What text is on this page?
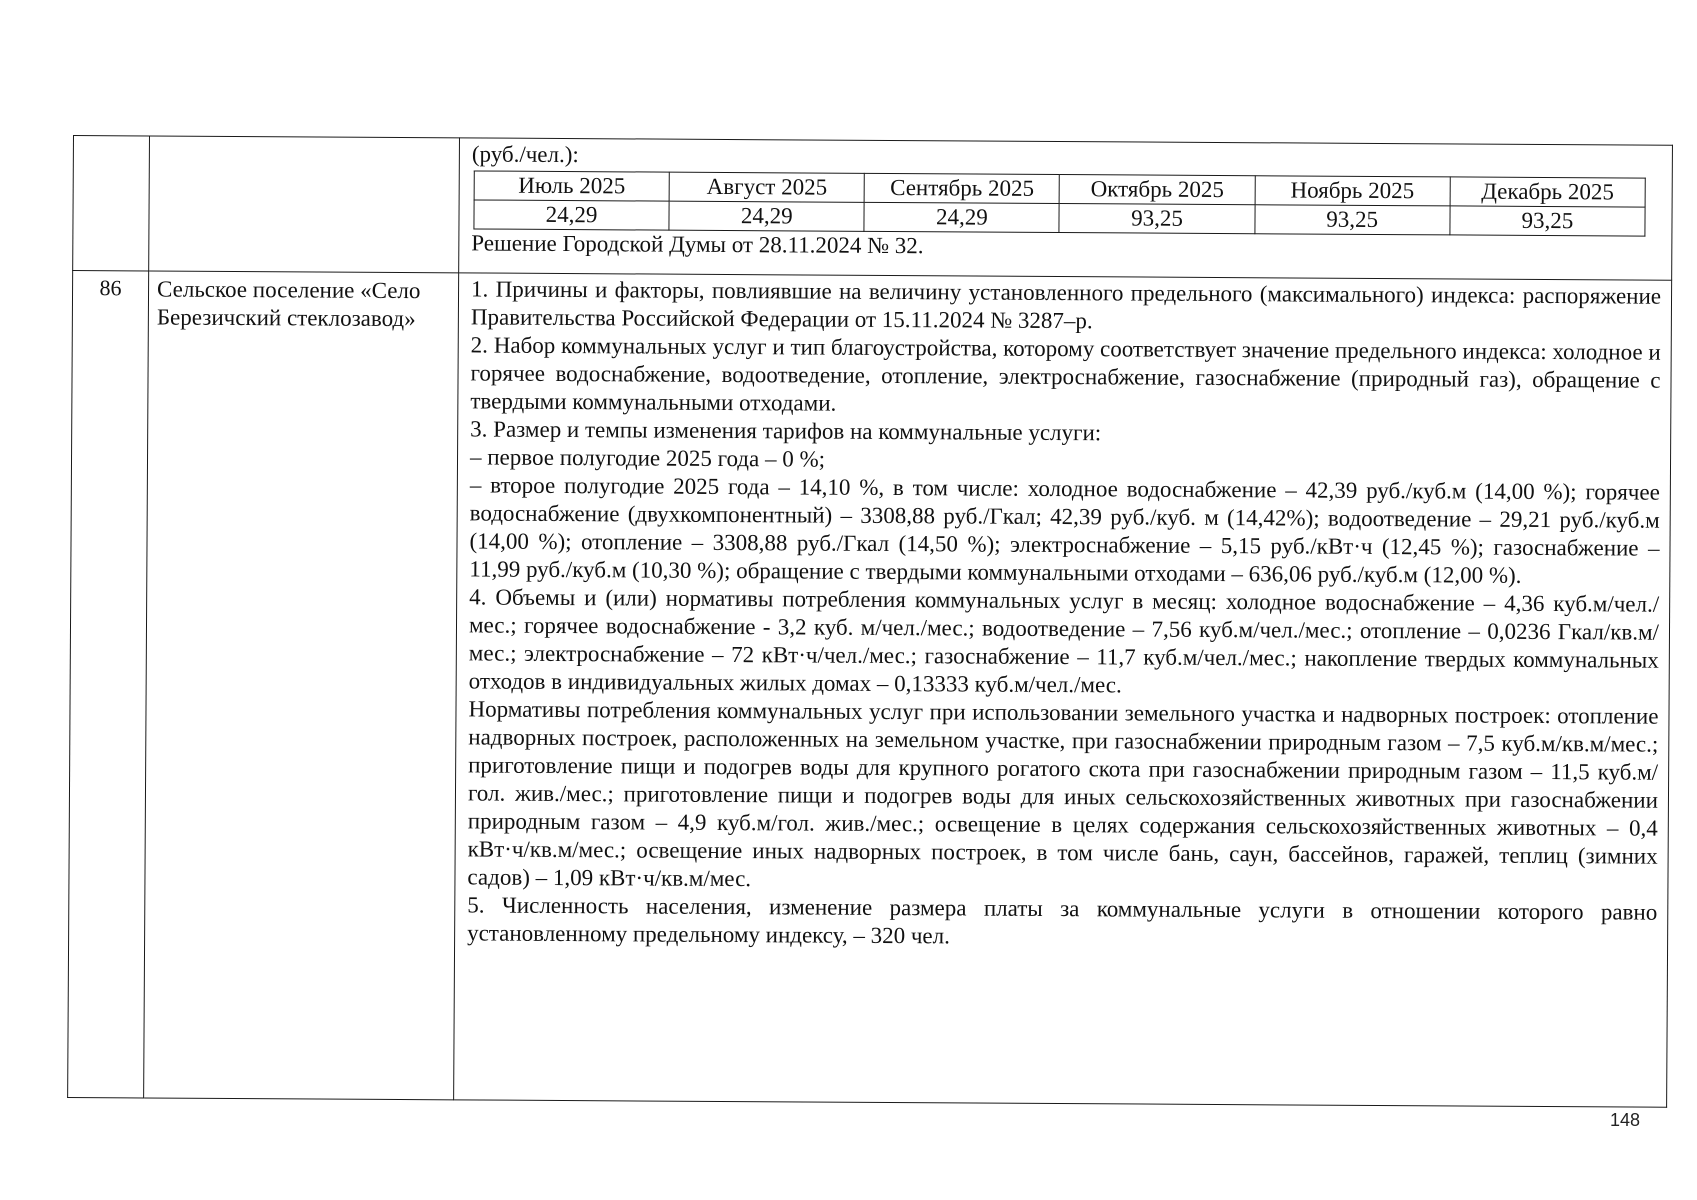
(руб./чел.):

Июль 2025	Август 2025	Сентябрь 2025	Октябрь 2025	Ноябрь 2025	Декабрь 2025
24,29	24,29	24,29	93,25	93,25	93,25

Решение Городской Думы от 28.11.2024 № 32.

86	Сельское поселение «Село Березичский стеклозавод»	

1. Причины и факторы, повлиявшие на величину установленного предельного (максимального) индекса: распоряжение Правительства Российской Федерации от 15.11.2024 № 3287–р.

2. Набор коммунальных услуг и тип благоустройства, которому соответствует значение предельного индекса: холодное и горячее водоснабжение, водоотведение, отопление, электроснабжение, газоснабжение (природный газ), обращение с твердыми коммунальными отходами.

3. Размер и темпы изменения тарифов на коммунальные услуги:

– первое полугодие 2025 года – 0 %;

– второе полугодие 2025 года – 14,10 %, в том числе: холодное водоснабжение – 42,39 руб./куб.м (14,00 %); горячее водоснабжение (двухкомпонентный) – 3308,88 руб./Гкал; 42,39 руб./куб. м (14,42%); водоотведение – 29,21 руб./куб.м (14,00 %); отопление – 3308,88 руб./Гкал (14,50 %); электроснабжение – 5,15 руб./кВт·ч (12,45 %); газоснабжение – 11,99 руб./куб.м (10,30 %); обращение с твердыми коммунальными отходами – 636,06 руб./куб.м (12,00 %).

4. Объемы и (или) нормативы потребления коммунальных услуг в месяц: холодное водоснабжение – 4,36 куб.м/чел./мес.; горячее водоснабжение - 3,2 куб. м/чел./мес.; водоотведение – 7,56 куб.м/чел./мес.; отопление – 0,0236 Гкал/кв.м/мес.; электроснабжение – 72 кВт·ч/чел./мес.; газоснабжение – 11,7 куб.м/чел./мес.; накопление твердых коммунальных отходов в индивидуальных жилых домах – 0,13333 куб.м/чел./мес.

Нормативы потребления коммунальных услуг при использовании земельного участка и надворных построек: отопление надворных построек, расположенных на земельном участке, при газоснабжении природным газом – 7,5 куб.м/кв.м/мес.; приготовление пищи и подогрев воды для крупного рогатого скота при газоснабжении природным газом – 11,5 куб.м/гол. жив./мес.; приготовление пищи и подогрев воды для иных сельскохозяйственных животных при газоснабжении природным газом – 4,9 куб.м/гол. жив./мес.; освещение в целях содержания сельскохозяйственных животных – 0,4 кВт·ч/кв.м/мес.; освещение иных надворных построек, в том числе бань, саун, бассейнов, гаражей, теплиц (зимних садов) – 1,09 кВт·ч/кв.м/мес.

5. Численность населения, изменение размера платы за коммунальные услуги в отношении которого равно установленному предельному индексу, – 320 чел.

148
